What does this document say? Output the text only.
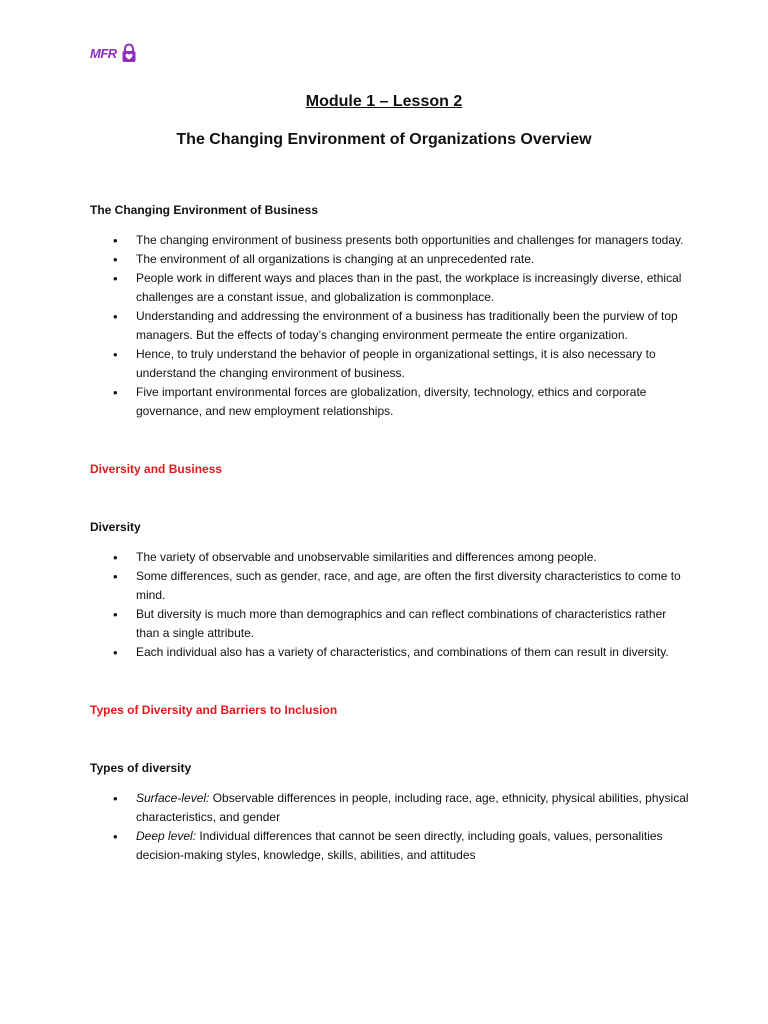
MFR
Module 1 – Lesson 2
The Changing Environment of Organizations Overview

The Changing Environment of Business

• The changing environment of business presents both opportunities and challenges for managers today.
• The environment of all organizations is changing at an unprecedented rate.
• People work in different ways and places than in the past, the workplace is increasingly diverse, ethical challenges are a constant issue, and globalization is commonplace.
• Understanding and addressing the environment of a business has traditionally been the purview of top managers. But the effects of today’s changing environment permeate the entire organization.
• Hence, to truly understand the behavior of people in organizational settings, it is also necessary to understand the changing environment of business.
• Five important environmental forces are globalization, diversity, technology, ethics and corporate governance, and new employment relationships.

Diversity and Business

Diversity

• The variety of observable and unobservable similarities and differences among people.
• Some differences, such as gender, race, and age, are often the first diversity characteristics to come to mind.
• But diversity is much more than demographics and can reflect combinations of characteristics rather than a single attribute.
• Each individual also has a variety of characteristics, and combinations of them can result in diversity.

Types of Diversity and Barriers to Inclusion

Types of diversity

• Surface-level: Observable differences in people, including race, age, ethnicity, physical abilities, physical characteristics, and gender
• Deep level: Individual differences that cannot be seen directly, including goals, values, personalities decision-making styles, knowledge, skills, abilities, and attitudes
